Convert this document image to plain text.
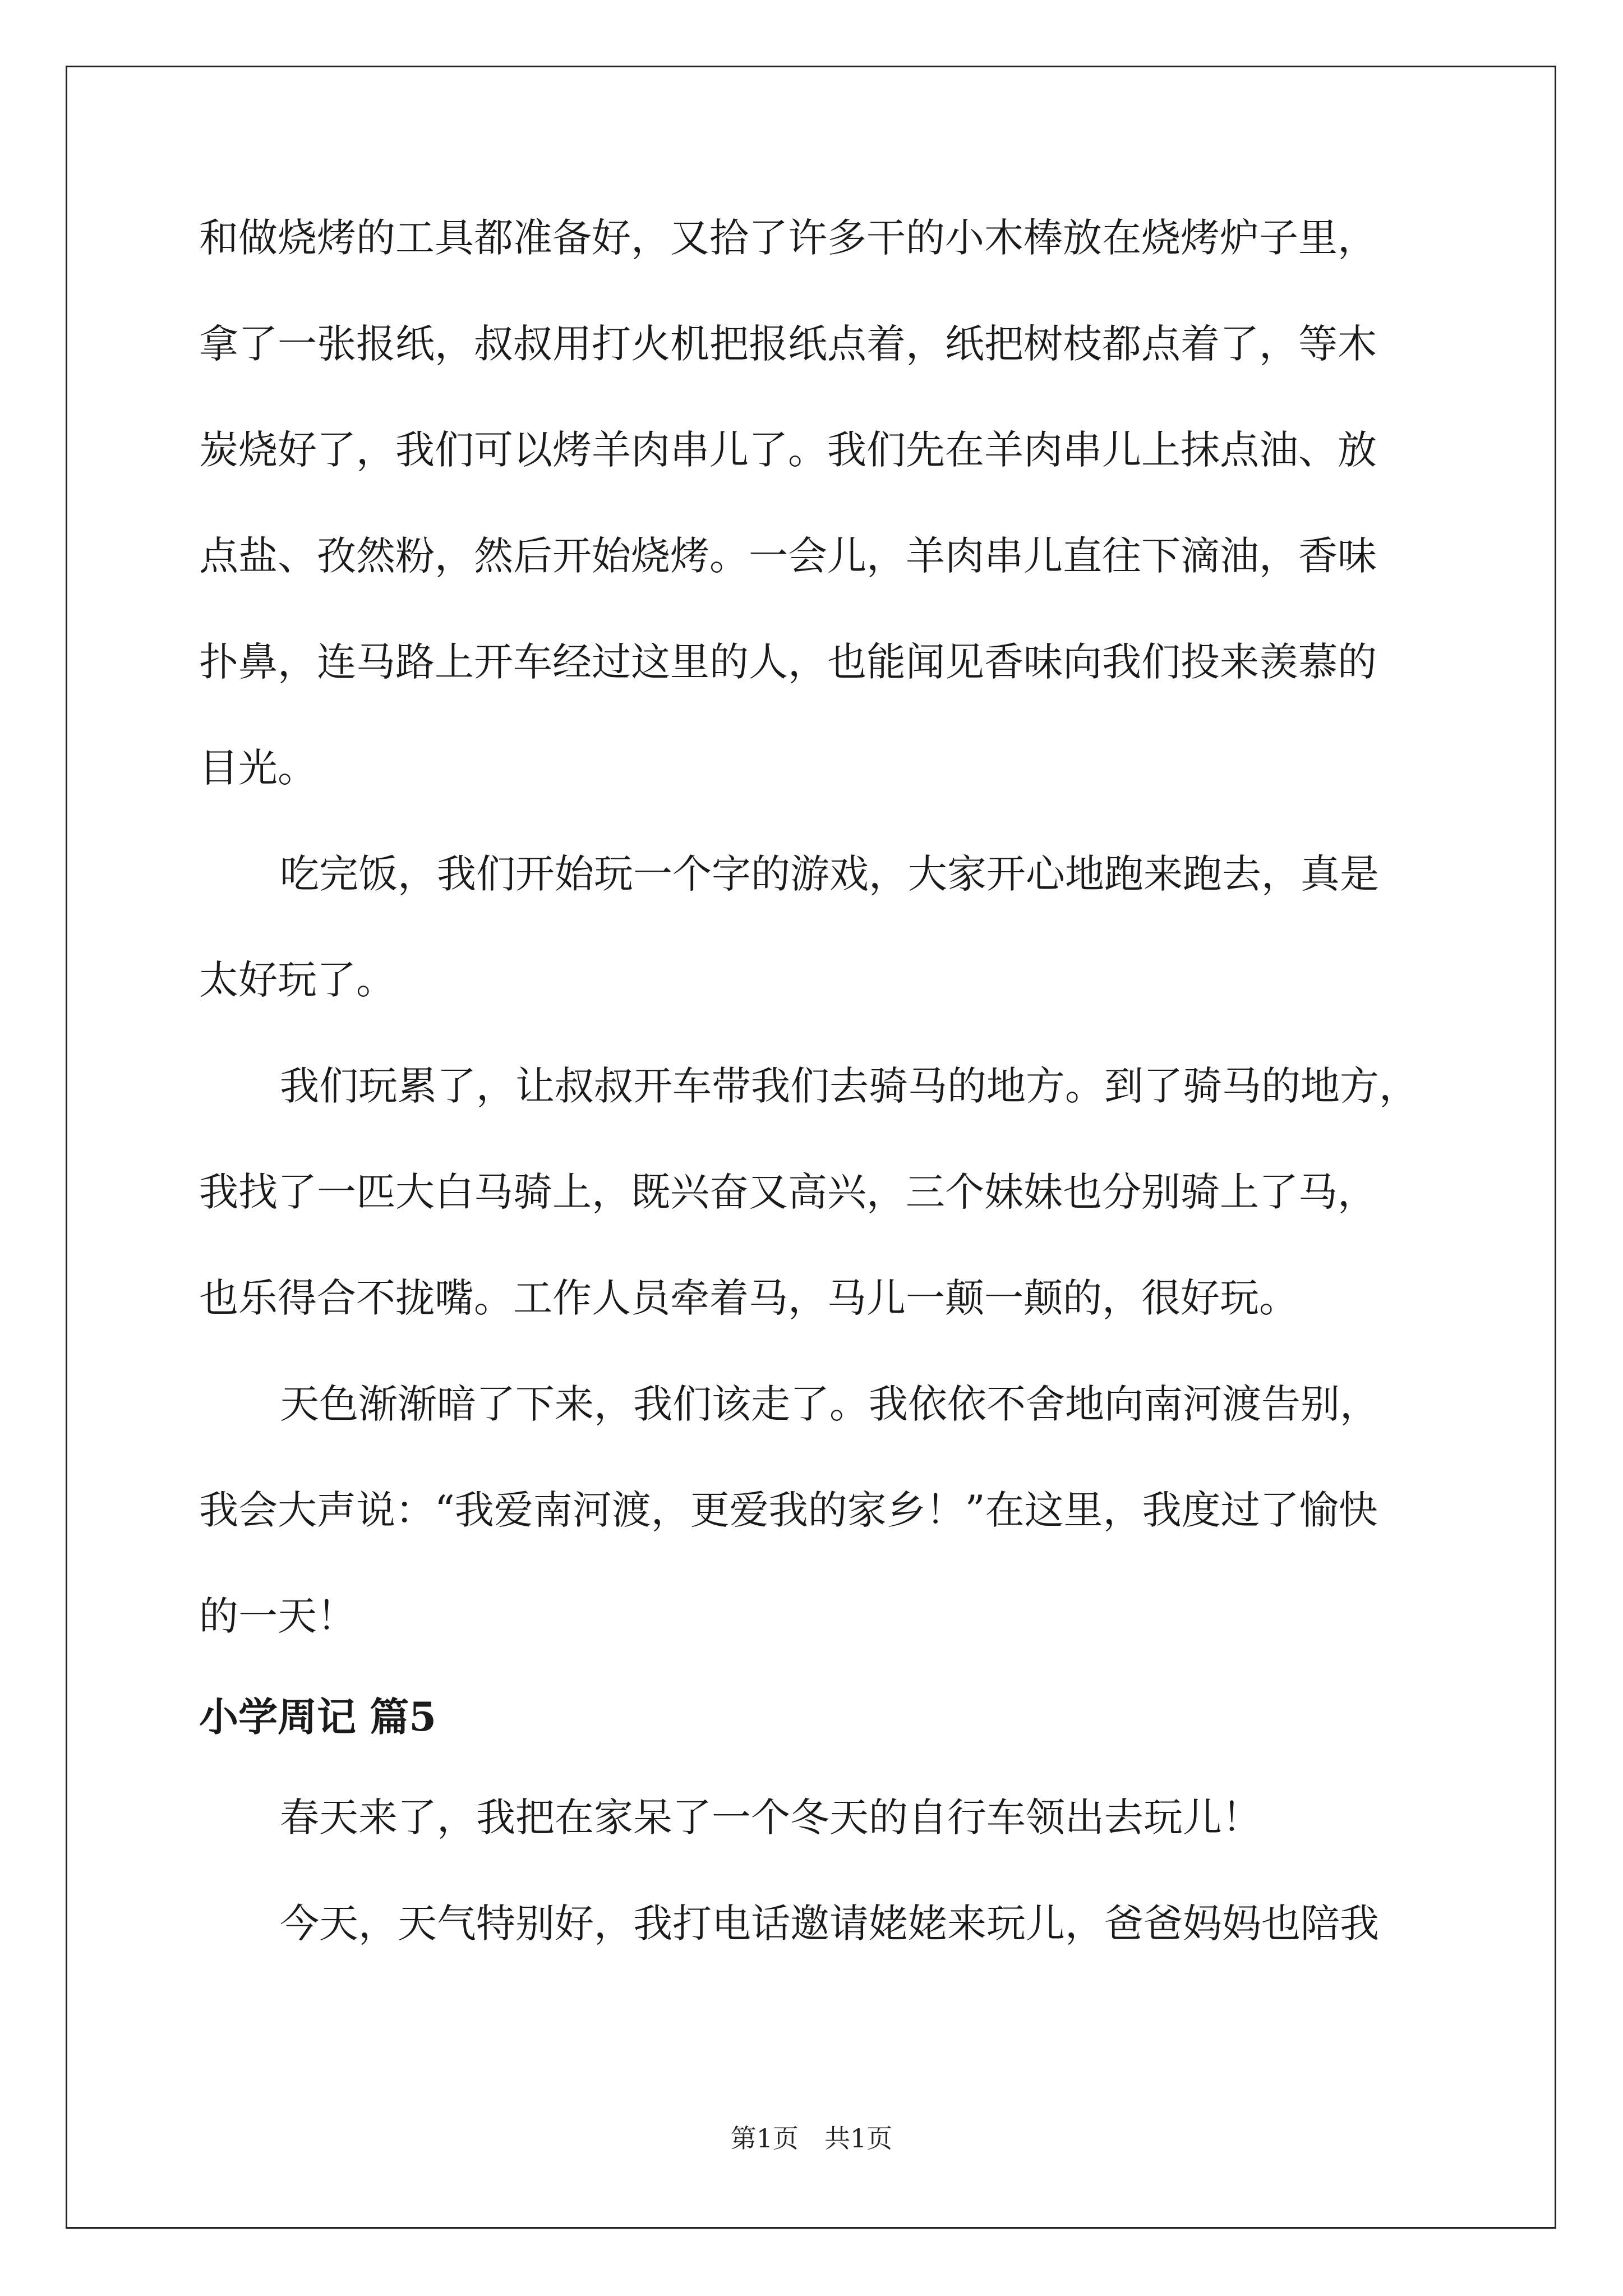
和做烧烤的工具都准备好，又拾了许多干的小木棒放在烧烤炉子里，
拿了一张报纸，叔叔用打火机把报纸点着，纸把树枝都点着了，等木
炭烧好了，我们可以烤羊肉串儿了。我们先在羊肉串儿上抹点油、放
点盐、孜然粉，然后开始烧烤。一会儿，羊肉串儿直往下滴油，香味
扑鼻，连马路上开车经过这里的人，也能闻见香味向我们投来羡慕的
目光。

吃完饭，我们开始玩一个字的游戏，大家开心地跑来跑去，真是
太好玩了。

我们玩累了，让叔叔开车带我们去骑马的地方。到了骑马的地方，
我找了一匹大白马骑上，既兴奋又高兴，三个妹妹也分别骑上了马，
也乐得合不拢嘴。工作人员牵着马，马儿一颠一颠的，很好玩。

天色渐渐暗了下来，我们该走了。我依依不舍地向南河渡告别，
我会大声说：“我爱南河渡，更爱我的家乡！”在这里，我度过了愉快
的一天！

小学周记 篇5

春天来了，我把在家呆了一个冬天的自行车领出去玩儿！

今天，天气特别好，我打电话邀请姥姥来玩儿，爸爸妈妈也陪我

第1页　共1页
